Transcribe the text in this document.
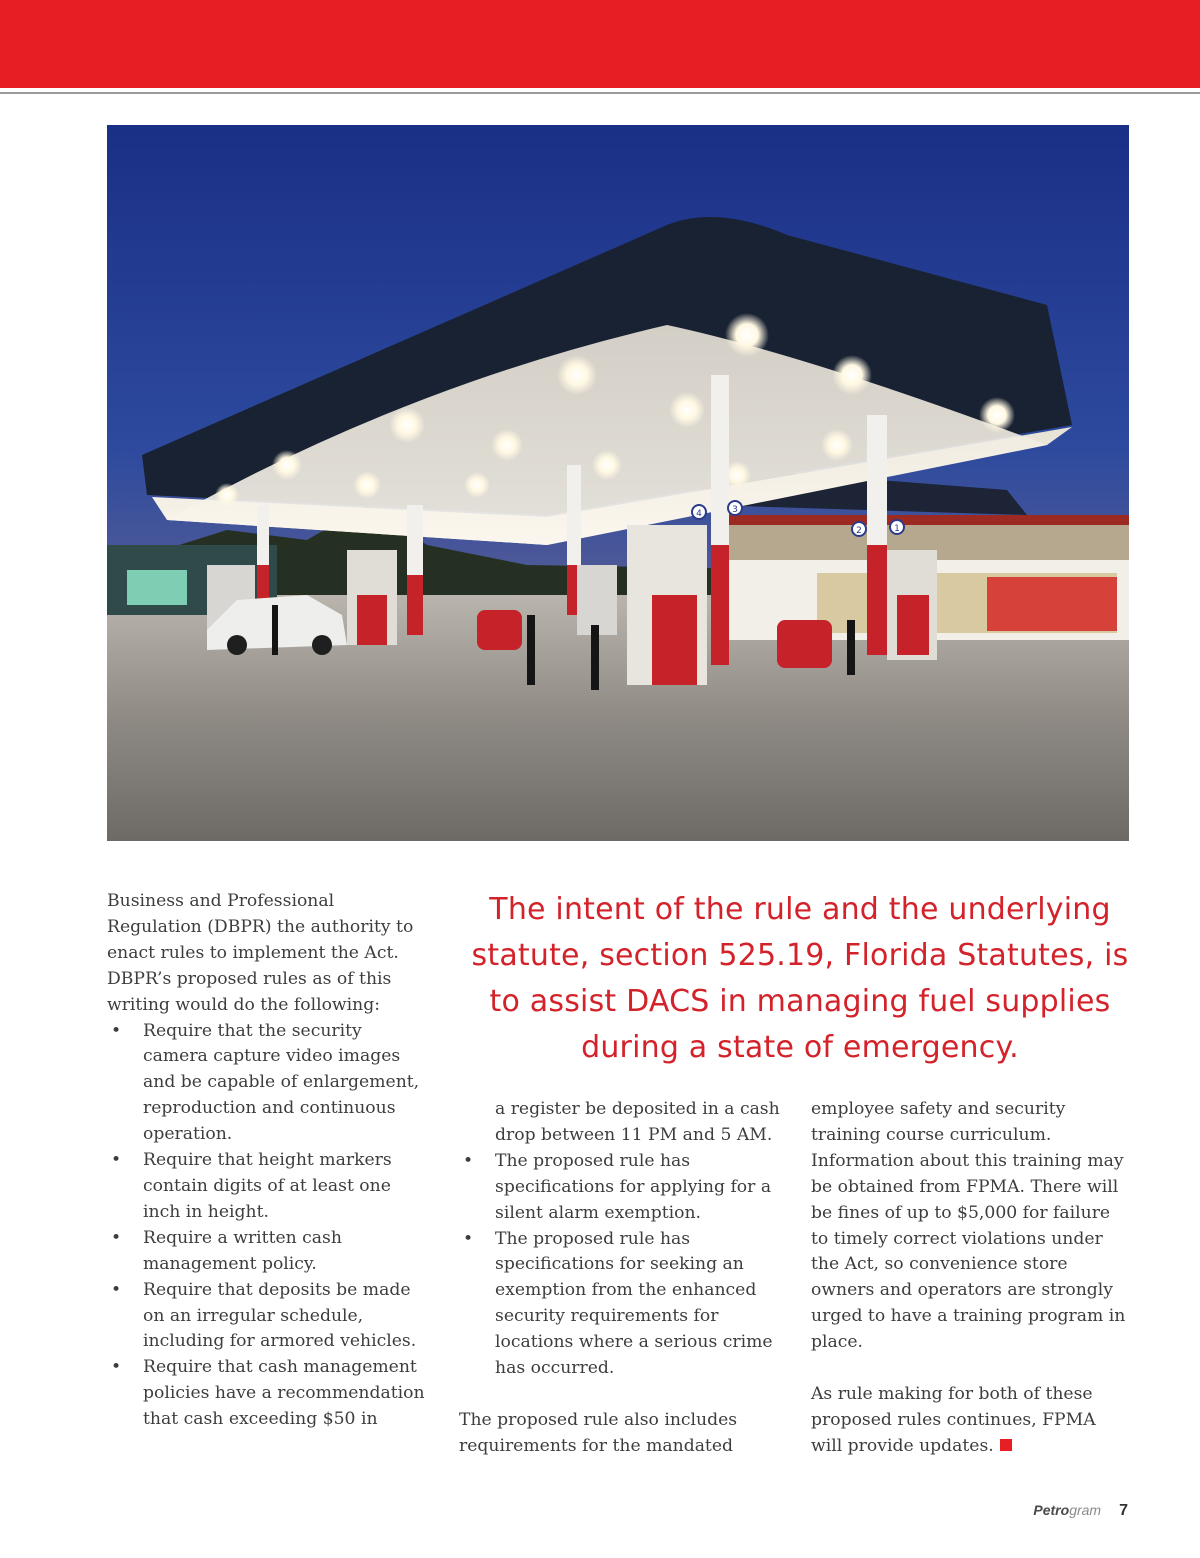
4	3
2	1

Business and Professional Regulation (DBPR) the authority to enact rules to implement the Act. DBPR’s proposed rules as of this writing would do the following:

• Require that the security camera capture video images and be capable of enlargement, reproduction and continuous operation.
• Require that height markers contain digits of at least one inch in height.
• Require a written cash management policy.
• Require that deposits be made on an irregular schedule, including for armored vehicles.
• Require that cash management policies have a recommendation that cash exceeding $50 in
The intent of the rule and the underlying statute, section 525.19, Florida Statutes, is to assist DACS in managing fuel supplies during a state of emergency.

a register be deposited in a cash drop between 11 PM and 5 AM.

• The proposed rule has specifications for applying for a silent alarm exemption.
• The proposed rule has specifications for seeking an exemption from the enhanced security requirements for locations where a serious crime has occurred.

The proposed rule also includes requirements for the mandated

employee safety and security training course curriculum. Information about this training may be obtained from FPMA. There will be fines of up to $5,000 for failure to timely correct violations under the Act, so convenience store owners and operators are strongly urged to have a training program in place.

As rule making for both of these proposed rules continues, FPMA will provide updates.

Petrogram 7
